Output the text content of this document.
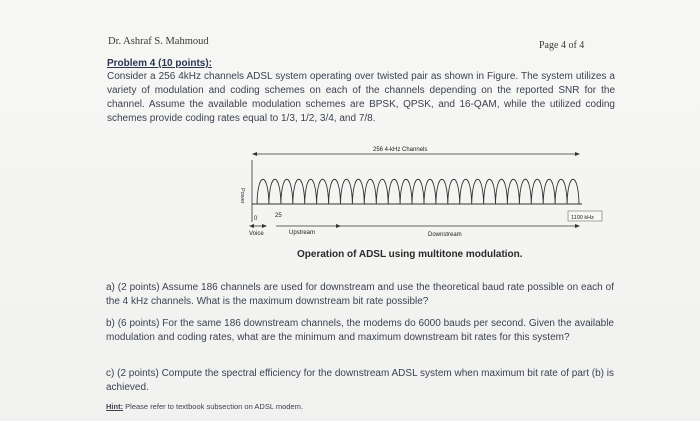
Dr. Ashraf S. Mahmoud	Page 4 of 4
Problem 4 (10 points):
Consider a 256 4kHz channels ADSL system operating over twisted pair as shown in Figure. The system utilizes a variety of modulation and coding schemes on each of the channels depending on the reported SNR for the channel. Assume the available modulation schemes are BPSK, QPSK, and 16-QAM, while the utilized coding schemes provide coding rates equal to 1/3, 1/2, 3/4, and 7/8.
256 4-kHz Channels
Power
0	25	1100 kHz
Voice	Upstream	Downstream
Operation of ADSL using multitone modulation.
a) (2 points) Assume 186 channels are used for downstream and use the theoretical baud rate possible on each of the 4 kHz channels. What is the maximum downstream bit rate possible?
b) (6 points) For the same 186 downstream channels, the modems do 6000 bauds per second. Given the available modulation and coding rates, what are the minimum and maximum downstream bit rates for this system?
c) (2 points) Compute the spectral efficiency for the downstream ADSL system when maximum bit rate of part (b) is achieved.
Hint: Please refer to textbook subsection on ADSL modem.
